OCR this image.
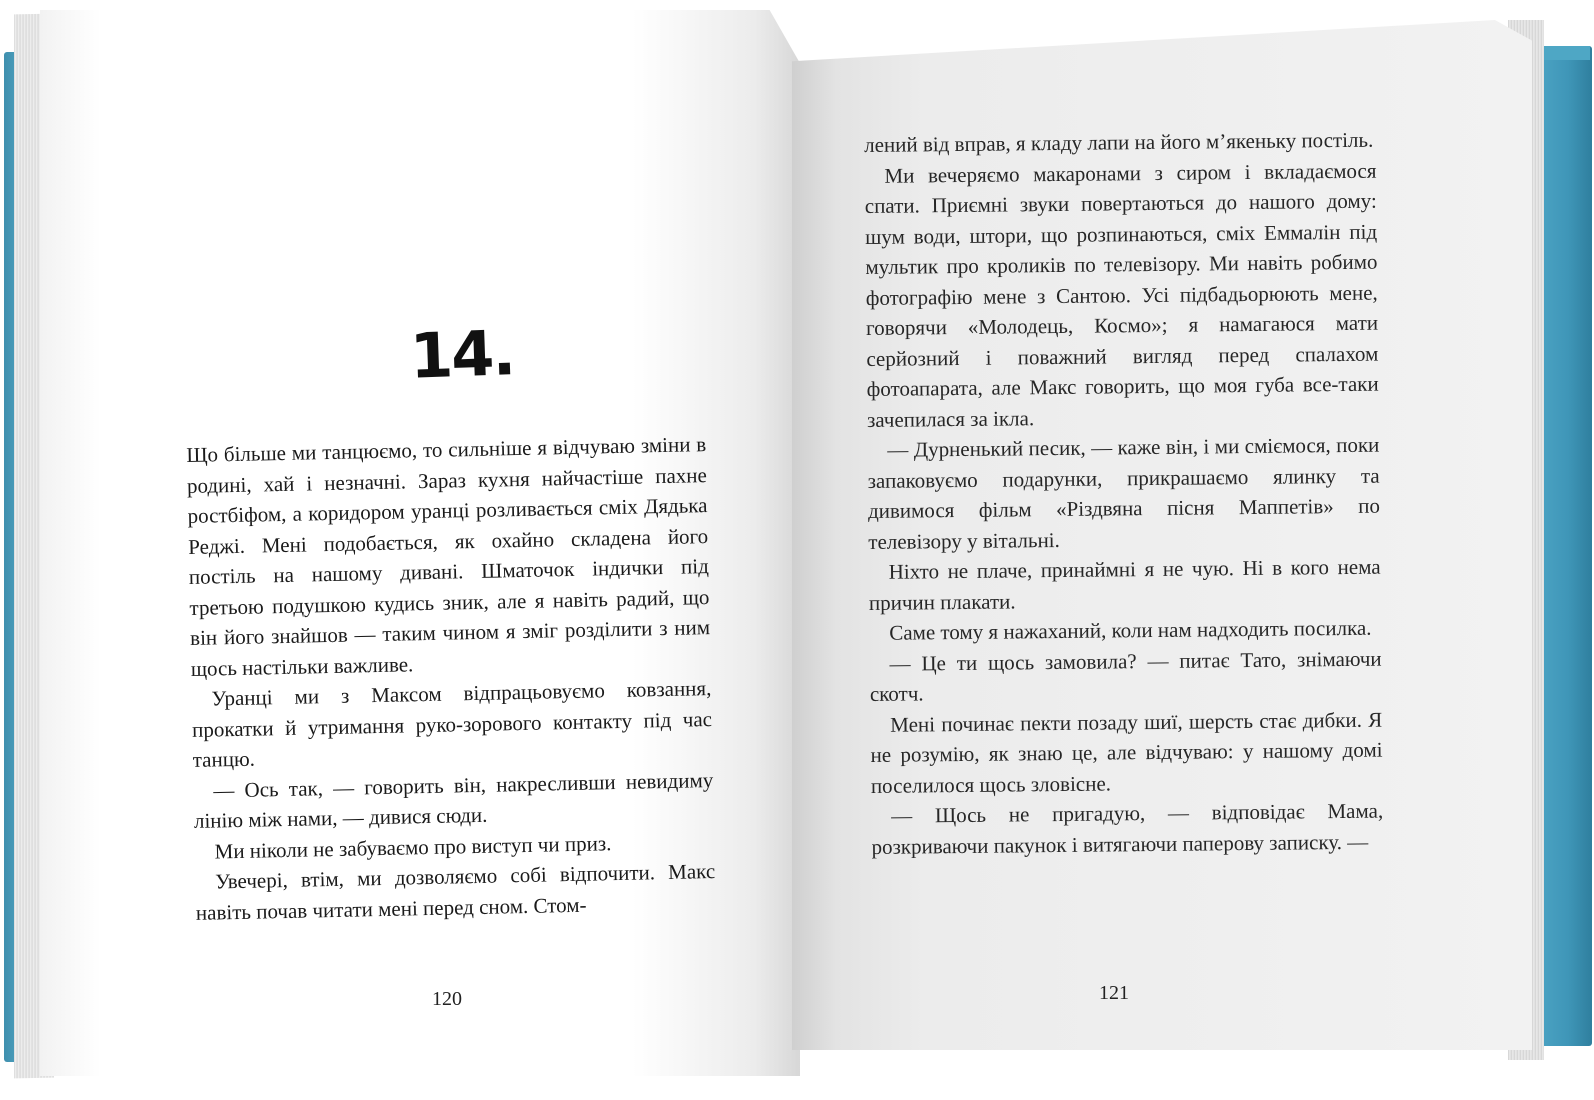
14.

Що більше ми танцюємо, то сильніше я відчуваю зміни в родині, хай і незначні. Зараз кухня найчастіше пахне ростбіфом, а коридором уранці розливається сміх Дядька Реджі. Мені подобається, як охайно складена його постіль на нашому дивані. Шматочок індички під третьою подушкою кудись зник, але я навіть радий, що він його знайшов — таким чином я зміг розділити з ним щось настільки важливе.

Уранці ми з Максом відпрацьовуємо ковзання, прокатки й утримання руко-зорового контакту під час танцю.

— Ось так, — говорить він, накресливши невидиму лінію між нами, — дивися сюди.

Ми ніколи не забуваємо про виступ чи приз.

Увечері, втім, ми дозволяємо собі відпочити. Макс навіть почав читати мені перед сном. Стом-

лений від вправ, я кладу лапи на його м’якеньку постіль.

Ми вечеряємо макаронами з сиром і вкладаємося спати. Приємні звуки повертаються до нашого дому: шум води, штори, що розпинаються, сміх Еммалін під мультик про кроликів по телевізору. Ми навіть робимо фотографію мене з Сантою. Усі підбадьорюють мене, говорячи «Молодець, Космо»; я намагаюся мати серйозний і поважний вигляд перед спалахом фотоапарата, але Макс говорить, що моя губа все-таки зачепилася за ікла.

— Дурненький песик, — каже він, і ми сміємося, поки запаковуємо подарунки, прикрашаємо ялинку та дивимося фільм «Різдвяна пісня Маппетів» по телевізору у вітальні.

Ніхто не плаче, принаймні я не чую. Ні в кого нема причин плакати.

Саме тому я нажаханий, коли нам надходить посилка.

— Це ти щось замовила? — питає Тато, знімаючи скотч.

Мені починає пекти позаду шиї, шерсть стає дибки. Я не розумію, як знаю це, але відчуваю: у нашому домі поселилося щось зловісне.

— Щось не пригадую, — відповідає Мама, розкриваючи пакунок і витягаючи паперову записку. —

120	121
